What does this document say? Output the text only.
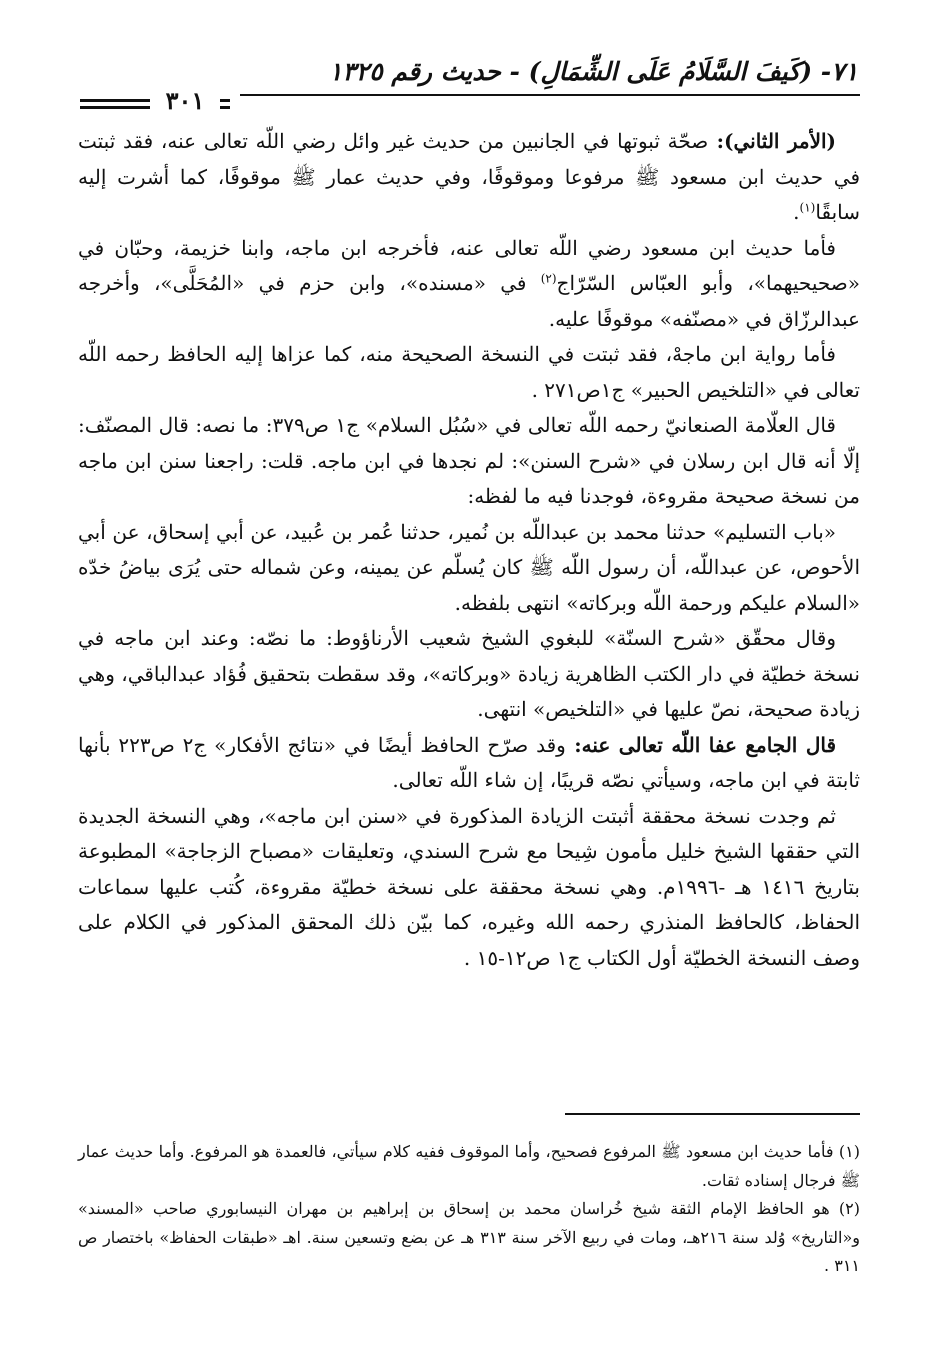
٧١- (كَيفَ السَّلَامُ عَلَى الشِّمَالِ) - حديث رقم ١٣٢٥
٣٠١

(الأمر الثاني): صحّة ثبوتها في الجانبين من حديث غير وائل رضي اللّه تعالى عنه، فقد ثبتت في حديث ابن مسعود ﷺ مرفوعا وموقوفًا، وفي حديث عمار ﷺ موقوفًا، كما أشرت إليه سابقًا$^{(١)}$.

فأما حديث ابن مسعود رضي اللّه تعالى عنه، فأخرجه ابن ماجه، وابنا خزيمة، وحبّان في «صحيحيهما»، وأبو العبّاس السّرّاج$^{(٢)}$ في «مسنده»، وابن حزم في «المُحَلَّى»، وأخرجه عبدالرزّاق في «مصنّفه» موقوفًا عليه.

فأما رواية ابن ماجهْ، فقد ثبتت في النسخة الصحيحة منه، كما عزاها إليه الحافظ رحمه اللّه تعالى في «التلخيص الحبير» ج١ص٢٧١ .

قال العلّامة الصنعانيّ رحمه اللّه تعالى في «سُبُل السلام» ج١ ص٣٧٩: ما نصه: قال المصنّف: إلّا أنه قال ابن رسلان في «شرح السنن»: لم نجدها في ابن ماجه. قلت: راجعنا سنن ابن ماجه من نسخة صحيحة مقروءة، فوجدنا فيه ما لفظه:

«باب التسليم» حدثنا محمد بن عبداللّه بن نُمير، حدثنا عُمر بن عُبيد، عن أبي إسحاق، عن أبي الأحوص، عن عبداللّه، أن رسول اللّه ﷺ كان يُسلّم عن يمينه، وعن شماله حتى يُرَى بياضُ خدّه «السلام عليكم ورحمة اللّه وبركاته» انتهى بلفظه.

وقال محقّق «شرح السنّة» للبغوي الشيخ شعيب الأرناؤوط: ما نصّه: وعند ابن ماجه في نسخة خطيّة في دار الكتب الظاهرية زيادة «وبركاته»، وقد سقطت بتحقيق فُؤاد عبدالباقي، وهي زيادة صحيحة، نصّ عليها في «التلخيص» انتهى.

قال الجامع عفا اللّه تعالى عنه: وقد صرّح الحافظ أيضًا في «نتائج الأفكار» ج٢ ص٢٢٣ بأنها ثابتة في ابن ماجه، وسيأتي نصّه قريبًا، إن شاء اللّه تعالى.

ثم وجدت نسخة محققة أثبتت الزيادة المذكورة في «سنن ابن ماجه»، وهي النسخة الجديدة التي حققها الشيخ خليل مأمون شِيحا مع شرح السندي، وتعليقات «مصباح الزجاجة» المطبوعة بتاريخ ١٤١٦ هـ -١٩٩٦م. وهي نسخة محققة على نسخة خطيّة مقروءة، كُتب عليها سماعات الحفاظ، كالحافظ المنذري رحمه الله وغيره، كما بيّن ذلك المحقق المذكور في الكلام على وصف النسخة الخطيّة أول الكتاب ج١ ص١٢-١٥ .

(١) فأما حديث ابن مسعود ﷺ المرفوع فصحيح، وأما الموقوف ففيه كلام سيأتي، فالعمدة هو المرفوع. وأما حديث عمار ﷺ فرجال إسناده ثقات.

(٢) هو الحافظ الإمام الثقة شيخ خُراسان محمد بن إسحاق بن إبراهيم بن مهران النيسابوري صاحب «المسند» و«التاريخ» وُلد سنة ٢١٦هـ، ومات في ربيع الآخر سنة ٣١٣ هـ عن بضع وتسعين سنة. اهـ «طبقات الحفاظ» باختصار ص ٣١١ .
